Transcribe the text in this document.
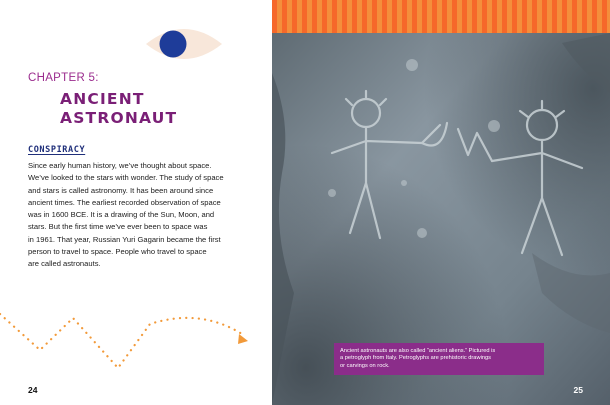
CHAPTER 5:
ANCIENT
ASTRONAUT
CONSPIRACY

Since early human history, we’ve thought about space.
We’ve looked to the stars with wonder. The study of space
and stars is called astronomy. It has been around since
ancient times. The earliest recorded observation of space
was in 1600 BCE. It is a drawing of the Sun, Moon, and
stars. But the first time we’ve ever been to space was
in 1961. That year, Russian Yuri Gagarin became the first
person to travel to space. People who travel to space
are called astronauts.

24
Ancient astronauts are also called “ancient aliens.” Pictured is
a petroglyph from Italy. Petroglyphs are prehistoric drawings
or carvings on rock.
25
